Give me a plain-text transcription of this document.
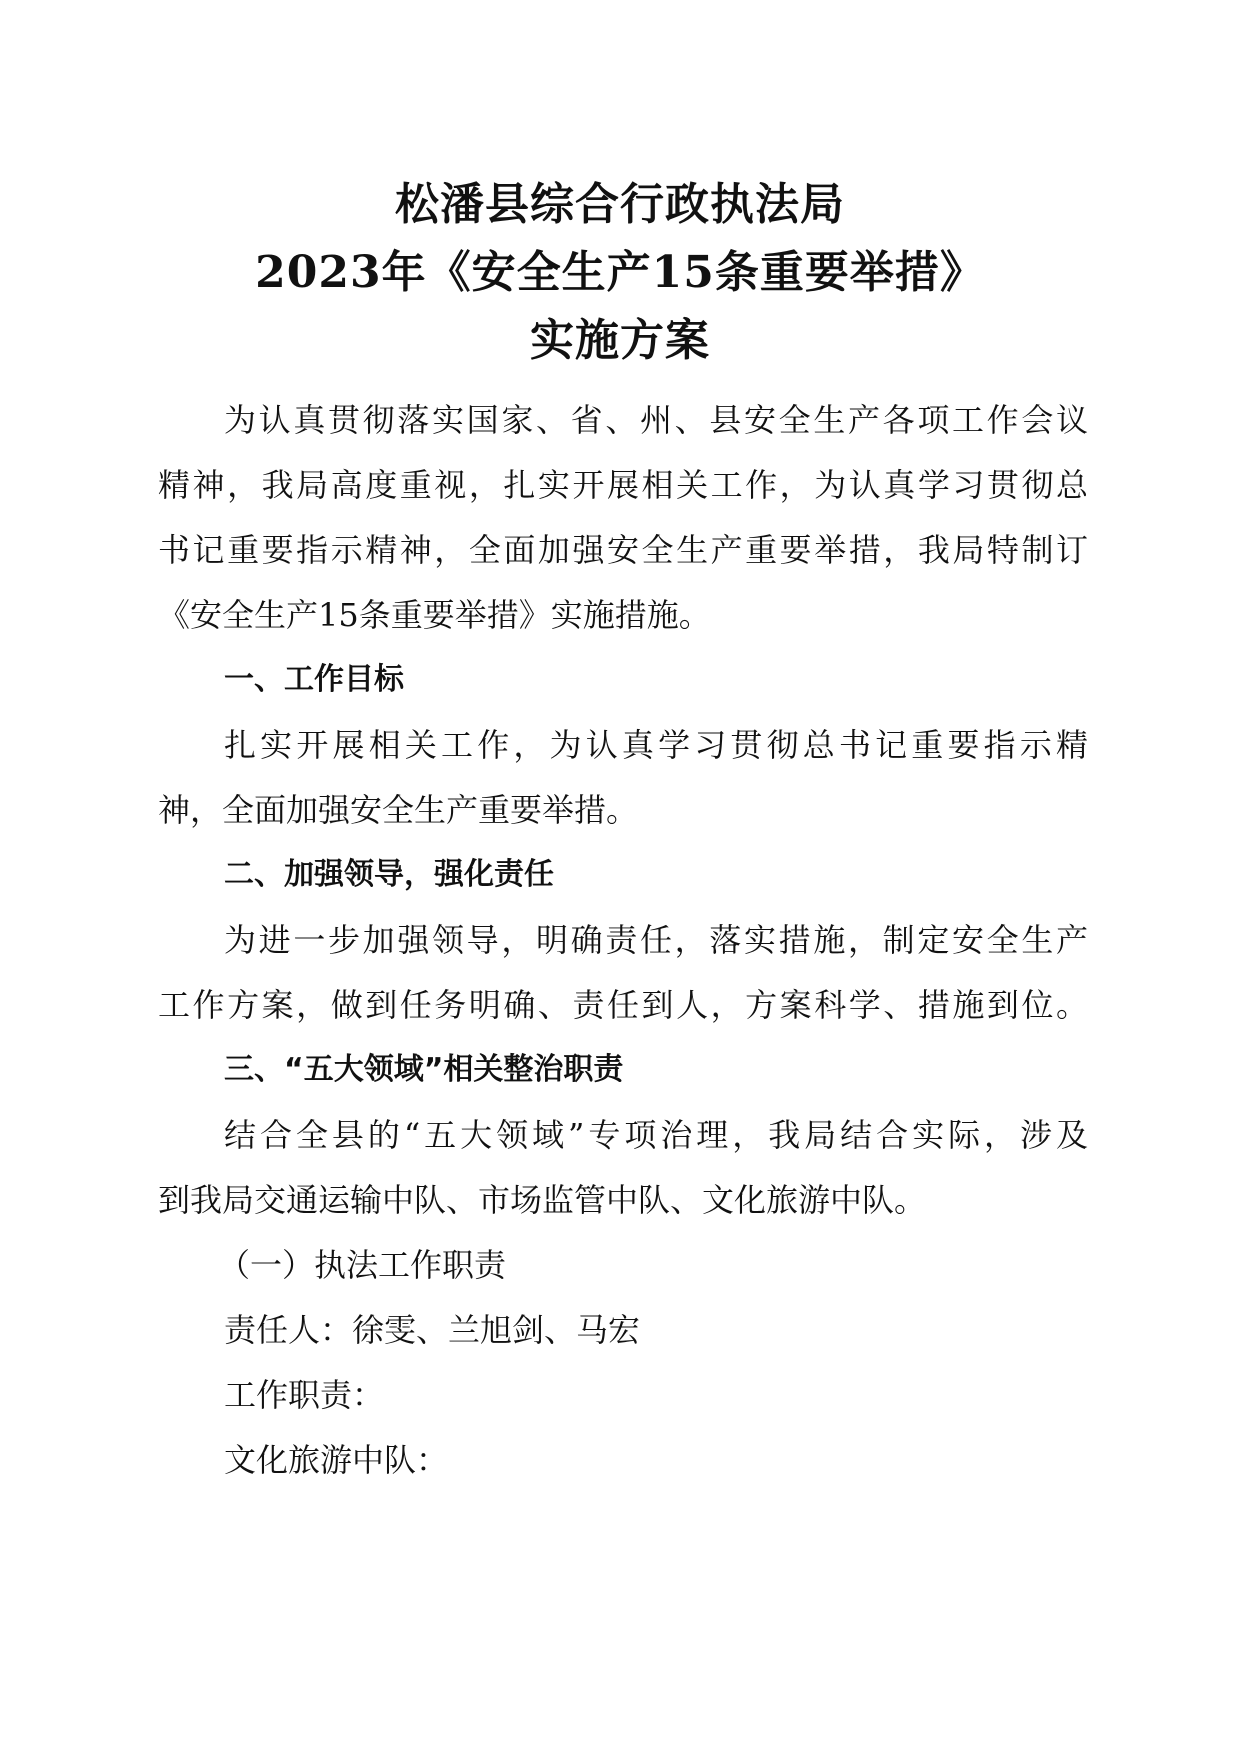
松潘县综合行政执法局
2023年《安全生产15条重要举措》
实施方案
为认真贯彻落实国家、省、州、县安全生产各项工作会议
精神，我局高度重视，扎实开展相关工作，为认真学习贯彻总
书记重要指示精神，全面加强安全生产重要举措，我局特制订
《安全生产15条重要举措》实施措施。
一、工作目标
扎实开展相关工作，为认真学习贯彻总书记重要指示精
神，全面加强安全生产重要举措。
二、加强领导，强化责任
为进一步加强领导，明确责任，落实措施，制定安全生产
工作方案，做到任务明确、责任到人，方案科学、措施到位。
三、“五大领域”相关整治职责
结合全县的“五大领域”专项治理，我局结合实际，涉及
到我局交通运输中队、市场监管中队、文化旅游中队。
（一）执法工作职责
责任人：徐雯、兰旭剑、马宏
工作职责：
文化旅游中队：
